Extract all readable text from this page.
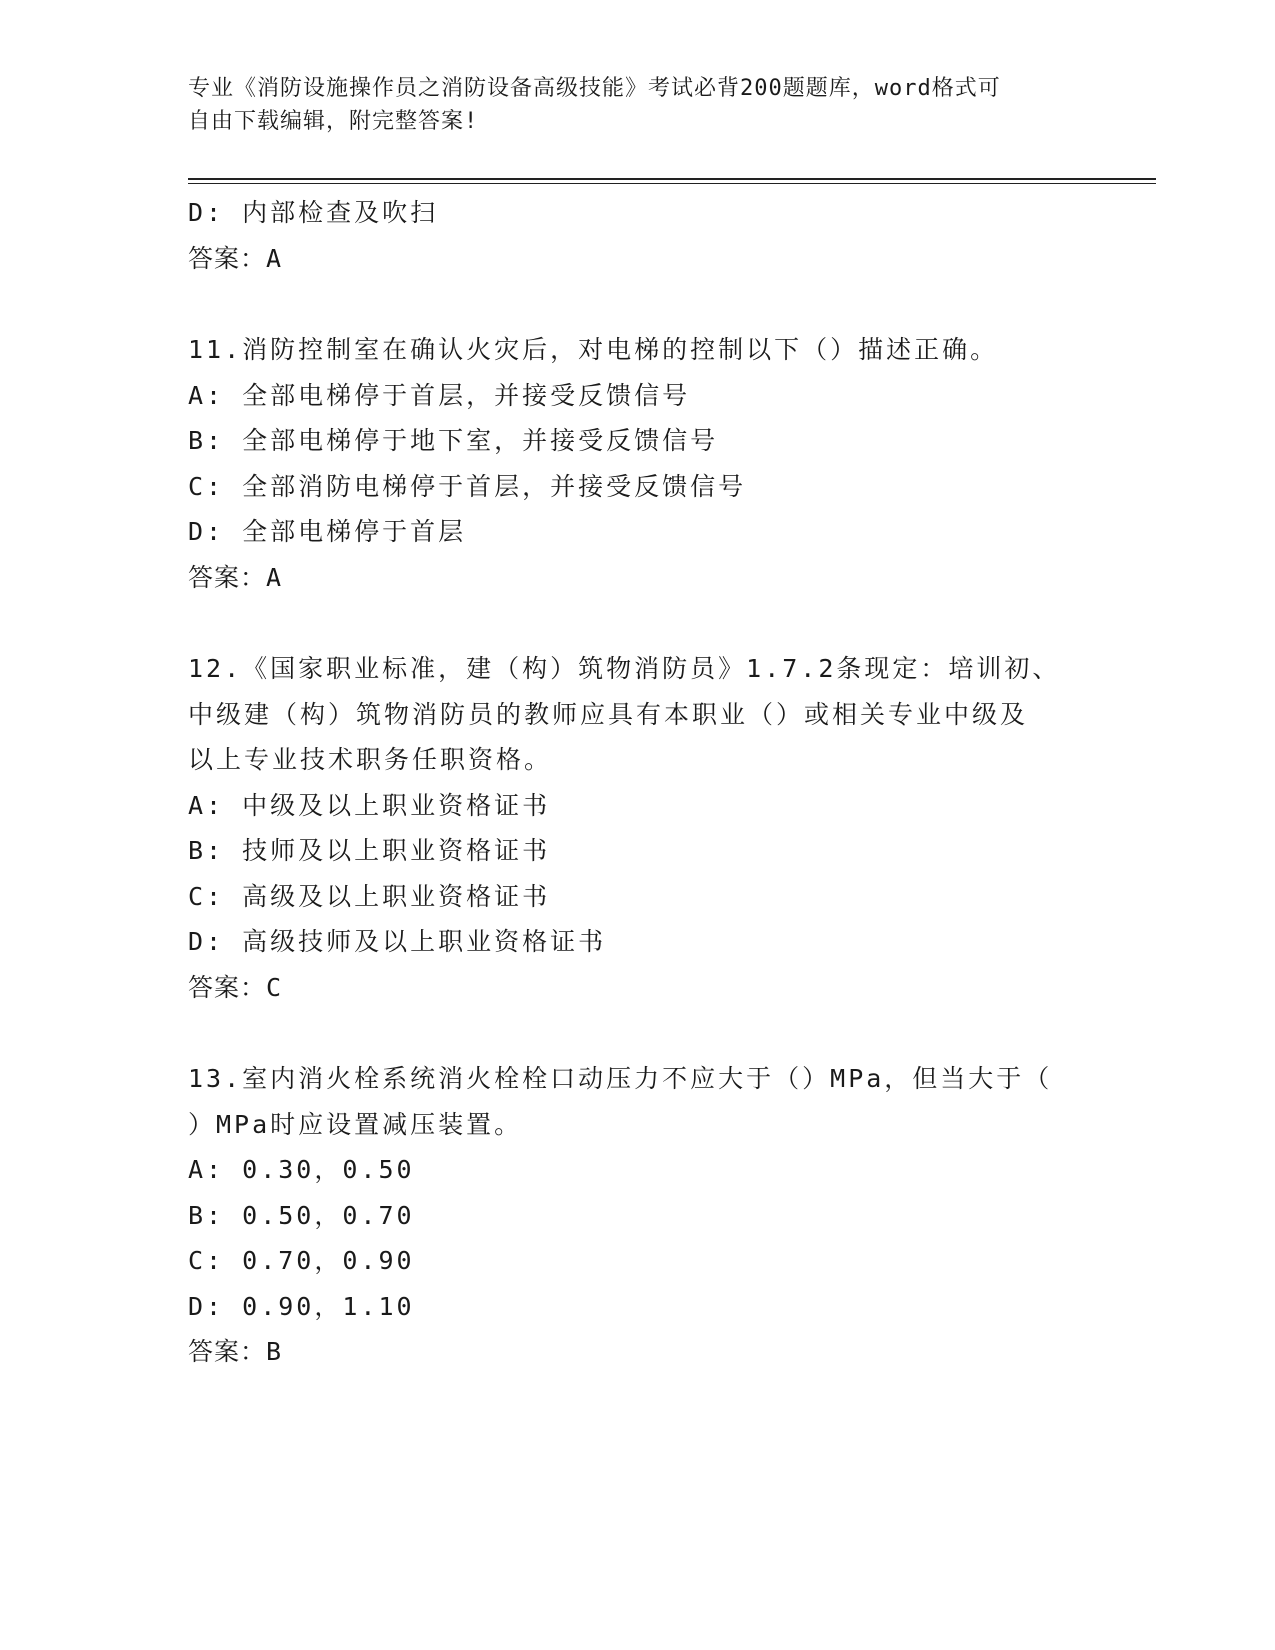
专业《消防设施操作员之消防设备高级技能》考试必背200题题库，word格式可
自由下载编辑，附完整答案!
D: 内部检查及吹扫
答案：A
11.消防控制室在确认火灾后，对电梯的控制以下（）描述正确。
A: 全部电梯停于首层，并接受反馈信号
B: 全部电梯停于地下室，并接受反馈信号
C: 全部消防电梯停于首层，并接受反馈信号
D: 全部电梯停于首层
答案：A
12.《国家职业标准，建（构）筑物消防员》1.7.2条现定：培训初、
中级建（构）筑物消防员的教师应具有本职业（）或相关专业中级及
以上专业技术职务任职资格。
A: 中级及以上职业资格证书
B: 技师及以上职业资格证书
C: 高级及以上职业资格证书
D: 高级技师及以上职业资格证书
答案：C
13.室内消火栓系统消火栓栓口动压力不应大于（）MPa，但当大于（
）MPa时应设置减压装置。
A: 0.30，0.50
B: 0.50，0.70
C: 0.70，0.90
D: 0.90，1.10
答案：B
